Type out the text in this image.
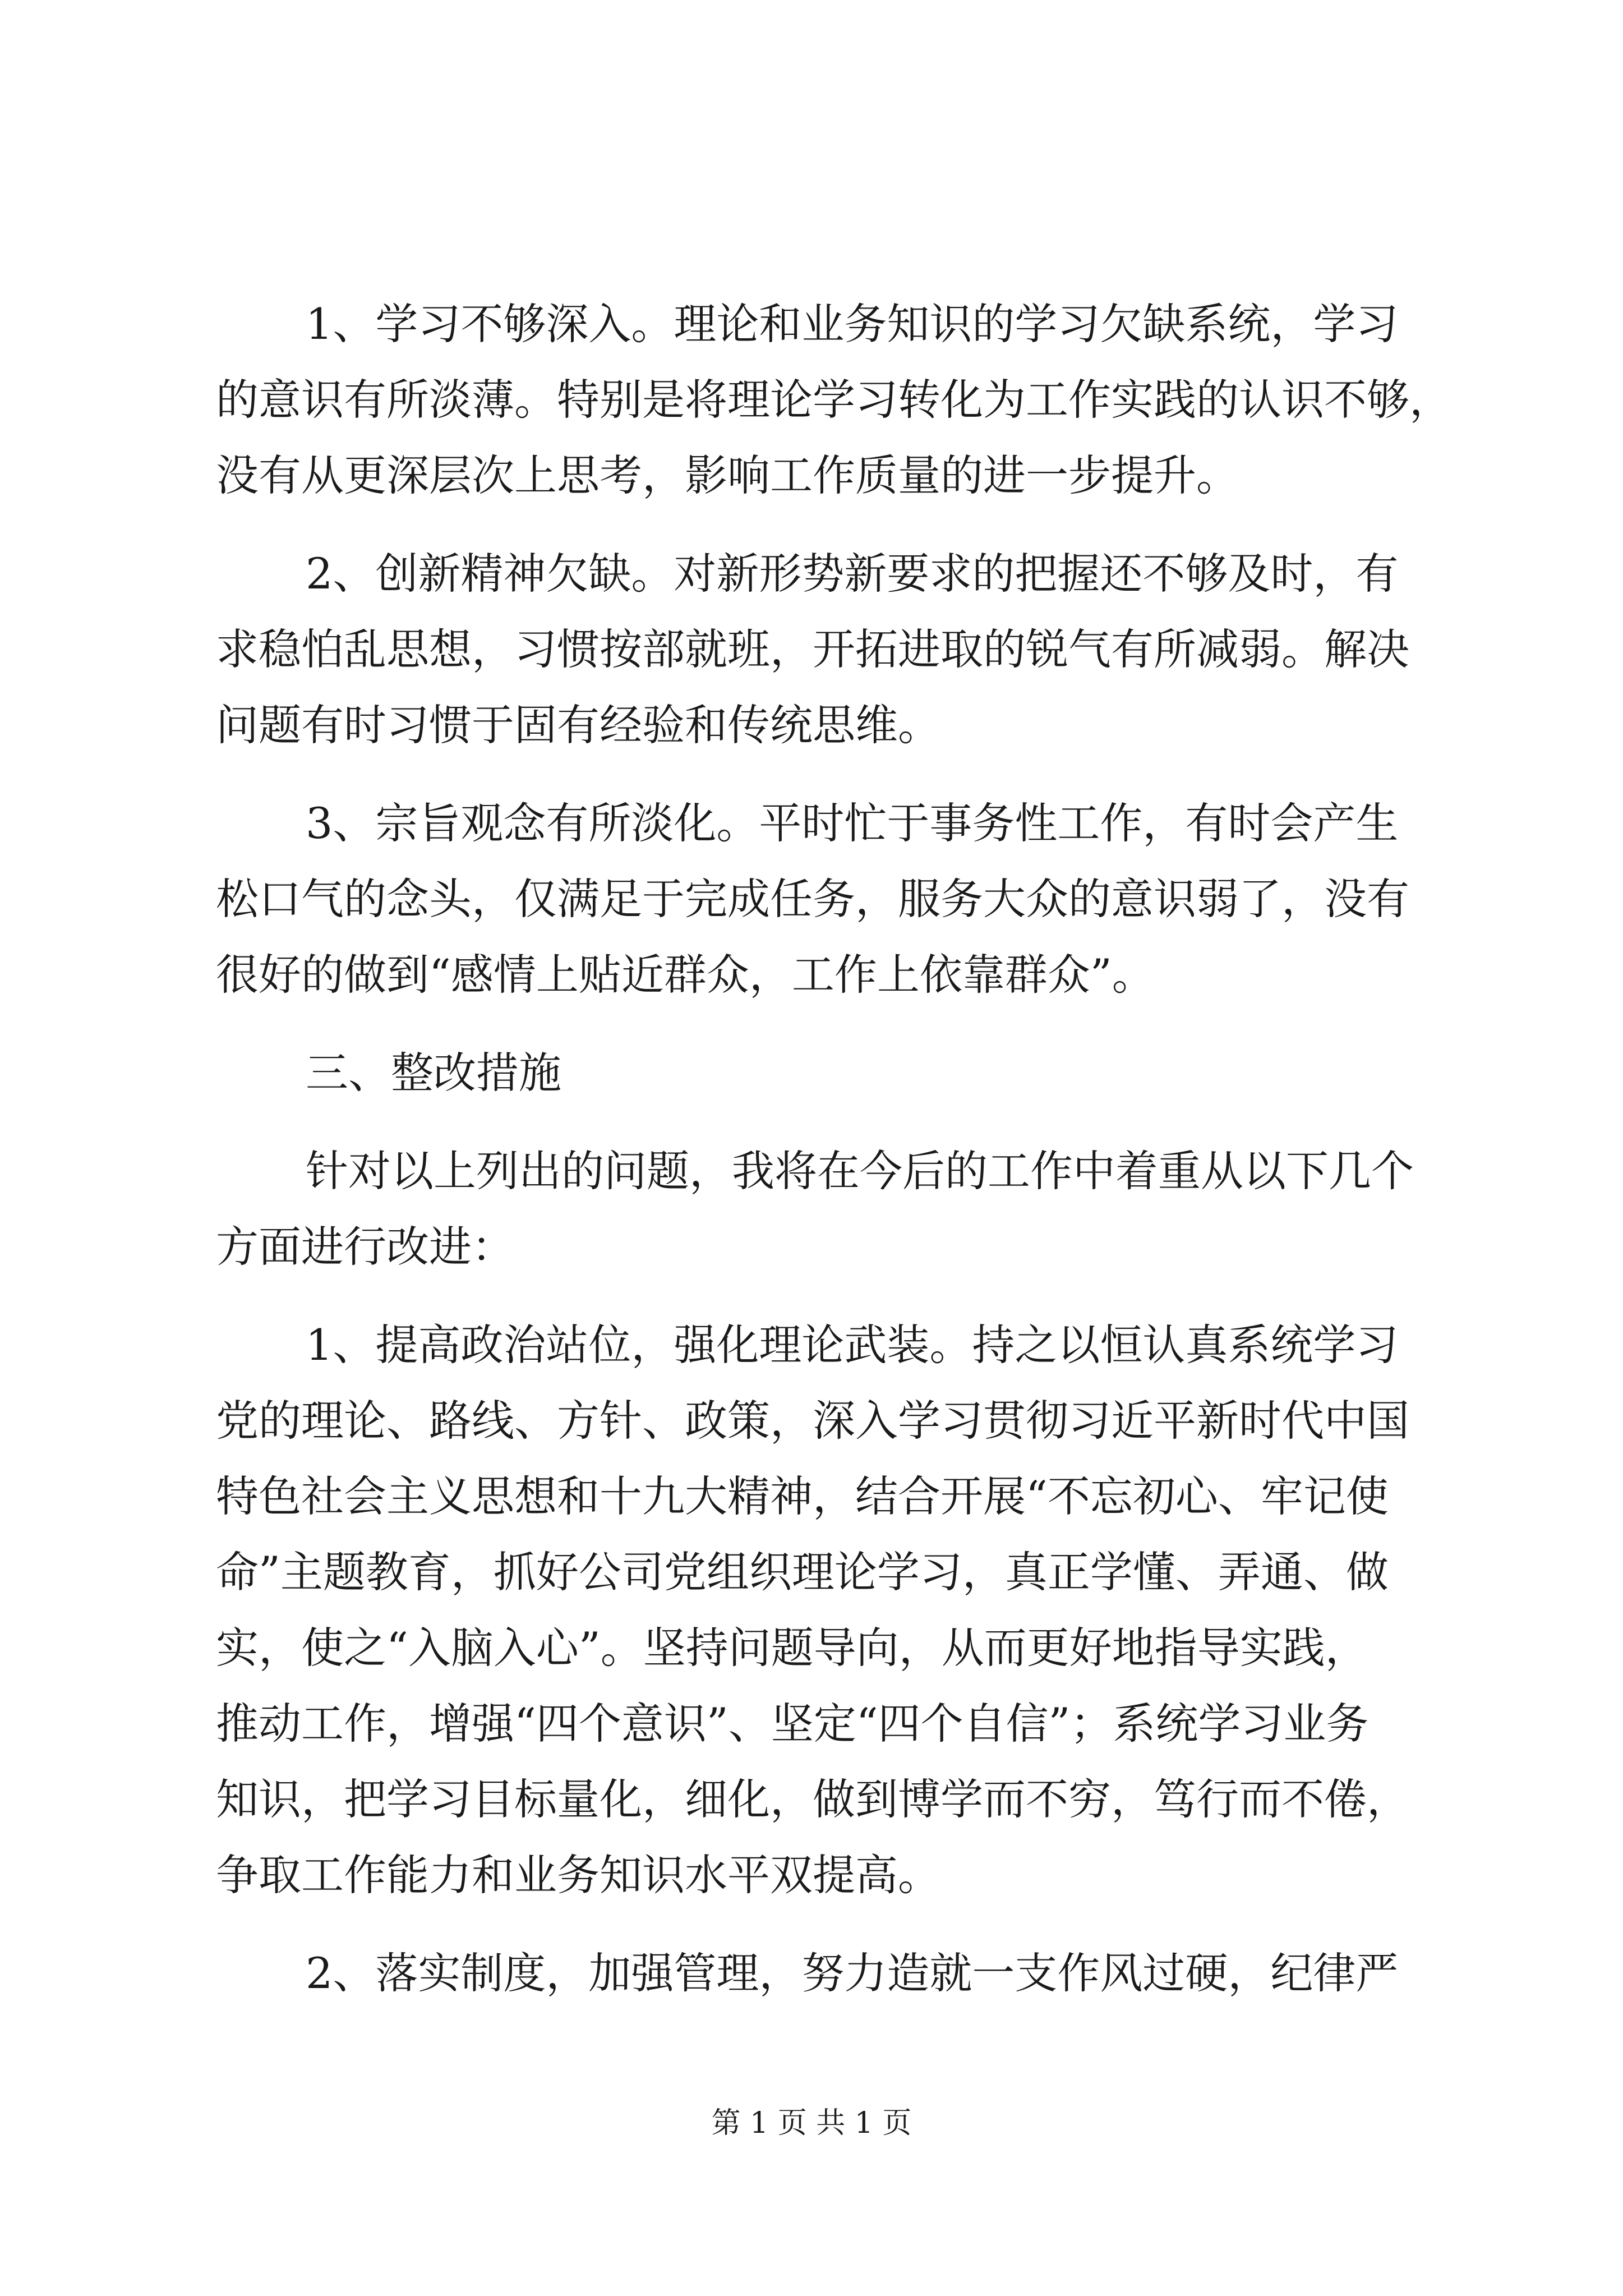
1、学习不够深入。理论和业务知识的学习欠缺系统，学习
的意识有所淡薄。特别是将理论学习转化为工作实践的认识不够，
没有从更深层次上思考，影响工作质量的进一步提升。
2、创新精神欠缺。对新形势新要求的把握还不够及时，有
求稳怕乱思想，习惯按部就班，开拓进取的锐气有所减弱。解决
问题有时习惯于固有经验和传统思维。
3、宗旨观念有所淡化。平时忙于事务性工作，有时会产生
松口气的念头，仅满足于完成任务，服务大众的意识弱了，没有
很好的做到“感情上贴近群众，工作上依靠群众”。
三、整改措施
针对以上列出的问题，我将在今后的工作中着重从以下几个
方面进行改进：
1、提高政治站位，强化理论武装。持之以恒认真系统学习
党的理论、路线、方针、政策，深入学习贯彻习近平新时代中国
特色社会主义思想和十九大精神，结合开展“不忘初心、牢记使
命”主题教育，抓好公司党组织理论学习，真正学懂、弄通、做
实，使之“入脑入心”。坚持问题导向，从而更好地指导实践，
推动工作，增强“四个意识”、坚定“四个自信”；系统学习业务
知识，把学习目标量化，细化，做到博学而不穷，笃行而不倦，
争取工作能力和业务知识水平双提高。
2、落实制度，加强管理，努力造就一支作风过硬，纪律严
第 1 页 共 1 页
